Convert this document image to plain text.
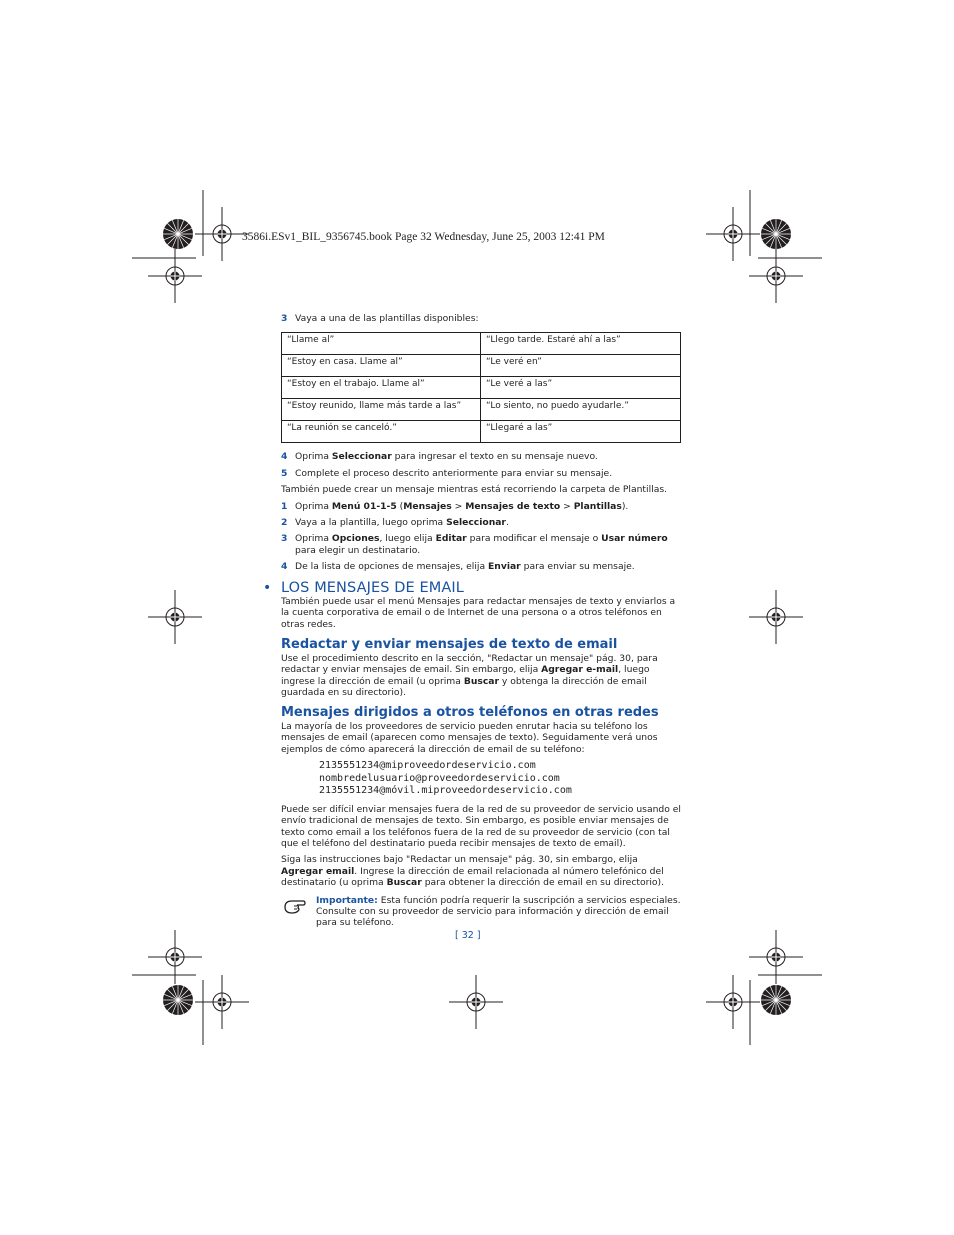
3586i.ESv1_BIL_9356745.book Page 32 Wednesday, June 25, 2003 12:41 PM

3 Vaya a una de las plantillas disponibles:

“Llame al”	“Llego tarde. Estaré ahí a las”
“Estoy en casa. Llame al”	“Le veré en”
“Estoy en el trabajo. Llame al”	“Le veré a las”
“Estoy reunido, llame más tarde a las”	“Lo siento, no puedo ayudarle.”
“La reunión se canceló.”	“Llegaré a las”

4 Oprima Seleccionar para ingresar el texto en su mensaje nuevo.

5 Complete el proceso descrito anteriormente para enviar su mensaje.

También puede crear un mensaje mientras está recorriendo la carpeta de Plantillas.

1 Oprima Menú 01-1-5 (Mensajes > Mensajes de texto > Plantillas).

2 Vaya a la plantilla, luego oprima Seleccionar.

3 Oprima Opciones, luego elija Editar para modificar el mensaje o Usar número para elegir un destinatario.

4 De la lista de opciones de mensajes, elija Enviar para enviar su mensaje.

• LOS MENSAJES DE EMAIL

También puede usar el menú Mensajes para redactar mensajes de texto y enviarlos a la cuenta corporativa de email o de Internet de una persona o a otros teléfonos en otras redes.

Redactar y enviar mensajes de texto de email

Use el procedimiento descrito en la sección, "Redactar un mensaje" pág. 30, para redactar y enviar mensajes de email. Sin embargo, elija Agregar e-mail, luego ingrese la dirección de email (u oprima Buscar y obtenga la dirección de email guardada en su directorio).

Mensajes dirigidos a otros teléfonos en otras redes

La mayoría de los proveedores de servicio pueden enrutar hacia su teléfono los mensajes de email (aparecen como mensajes de texto). Seguidamente verá unos ejemplos de cómo aparecerá la dirección de email de su teléfono:

2135551234@miproveedordeservicio.com
nombredelusuario@proveedordeservicio.com
2135551234@móvil.miproveedordeservicio.com

Puede ser difícil enviar mensajes fuera de la red de su proveedor de servicio usando el envío tradicional de mensajes de texto. Sin embargo, es posible enviar mensajes de texto como email a los teléfonos fuera de la red de su proveedor de servicio (con tal que el teléfono del destinatario pueda recibir mensajes de texto de email).

Siga las instrucciones bajo "Redactar un mensaje" pág. 30, sin embargo, elija Agregar email. Ingrese la dirección de email relacionada al número telefónico del destinatario (u oprima Buscar para obtener la dirección de email en su directorio).

Importante: Esta función podría requerir la suscripción a servicios especiales. Consulte con su proveedor de servicio para información y dirección de email para su teléfono.

[ 32 ]
